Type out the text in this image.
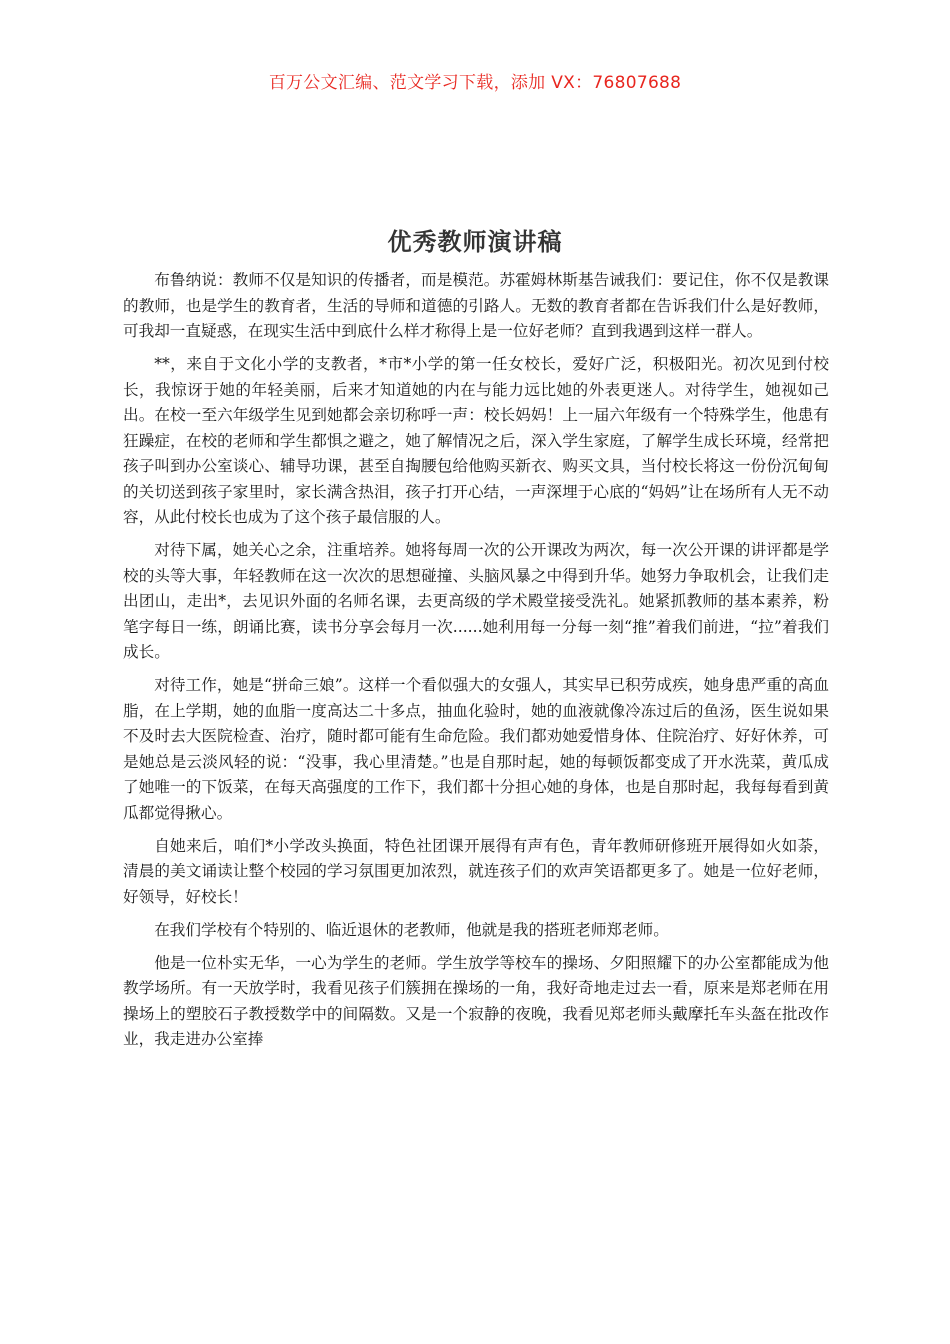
百万公文汇编、范文学习下载，添加 VX：76807688
优秀教师演讲稿

布鲁纳说：教师不仅是知识的传播者，而是模范。苏霍姆林斯基告诫我们：要记住，你不仅是教课的教师，也是学生的教育者，生活的导师和道德的引路人。无数的教育者都在告诉我们什么是好教师，可我却一直疑惑，在现实生活中到底什么样才称得上是一位好老师？直到我遇到这样一群人。

**，来自于文化小学的支教者，*市*小学的第一任女校长，爱好广泛，积极阳光。初次见到付校长，我惊讶于她的年轻美丽，后来才知道她的内在与能力远比她的外表更迷人。对待学生，她视如己出。在校一至六年级学生见到她都会亲切称呼一声：校长妈妈！上一届六年级有一个特殊学生，他患有狂躁症，在校的老师和学生都惧之避之，她了解情况之后，深入学生家庭，了解学生成长环境，经常把孩子叫到办公室谈心、辅导功课，甚至自掏腰包给他购买新衣、购买文具，当付校长将这一份份沉甸甸的关切送到孩子家里时，家长满含热泪，孩子打开心结，一声深埋于心底的“妈妈”让在场所有人无不动容，从此付校长也成为了这个孩子最信服的人。

对待下属，她关心之余，注重培养。她将每周一次的公开课改为两次，每一次公开课的讲评都是学校的头等大事，年轻教师在这一次次的思想碰撞、头脑风暴之中得到升华。她努力争取机会，让我们走出团山，走出*，去见识外面的名师名课，去更高级的学术殿堂接受洗礼。她紧抓教师的基本素养，粉笔字每日一练，朗诵比赛，读书分享会每月一次......她利用每一分每一刻“推”着我们前进，“拉”着我们成长。

对待工作，她是“拼命三娘”。这样一个看似强大的女强人，其实早已积劳成疾，她身患严重的高血脂，在上学期，她的血脂一度高达二十多点，抽血化验时，她的血液就像冷冻过后的鱼汤，医生说如果不及时去大医院检查、治疗，随时都可能有生命危险。我们都劝她爱惜身体、住院治疗、好好休养，可是她总是云淡风轻的说：“没事，我心里清楚。”也是自那时起，她的每顿饭都变成了开水洗菜，黄瓜成了她唯一的下饭菜，在每天高强度的工作下，我们都十分担心她的身体，也是自那时起，我每每看到黄瓜都觉得揪心。

自她来后，咱们*小学改头换面，特色社团课开展得有声有色，青年教师研修班开展得如火如荼，清晨的美文诵读让整个校园的学习氛围更加浓烈，就连孩子们的欢声笑语都更多了。她是一位好老师，好领导，好校长！

在我们学校有个特别的、临近退休的老教师，他就是我的搭班老师郑老师。

他是一位朴实无华，一心为学生的老师。学生放学等校车的操场、夕阳照耀下的办公室都能成为他教学场所。有一天放学时，我看见孩子们簇拥在操场的一角，我好奇地走过去一看，原来是郑老师在用操场上的塑胶石子教授数学中的间隔数。又是一个寂静的夜晚，我看见郑老师头戴摩托车头盔在批改作业，我走进办公室捧
